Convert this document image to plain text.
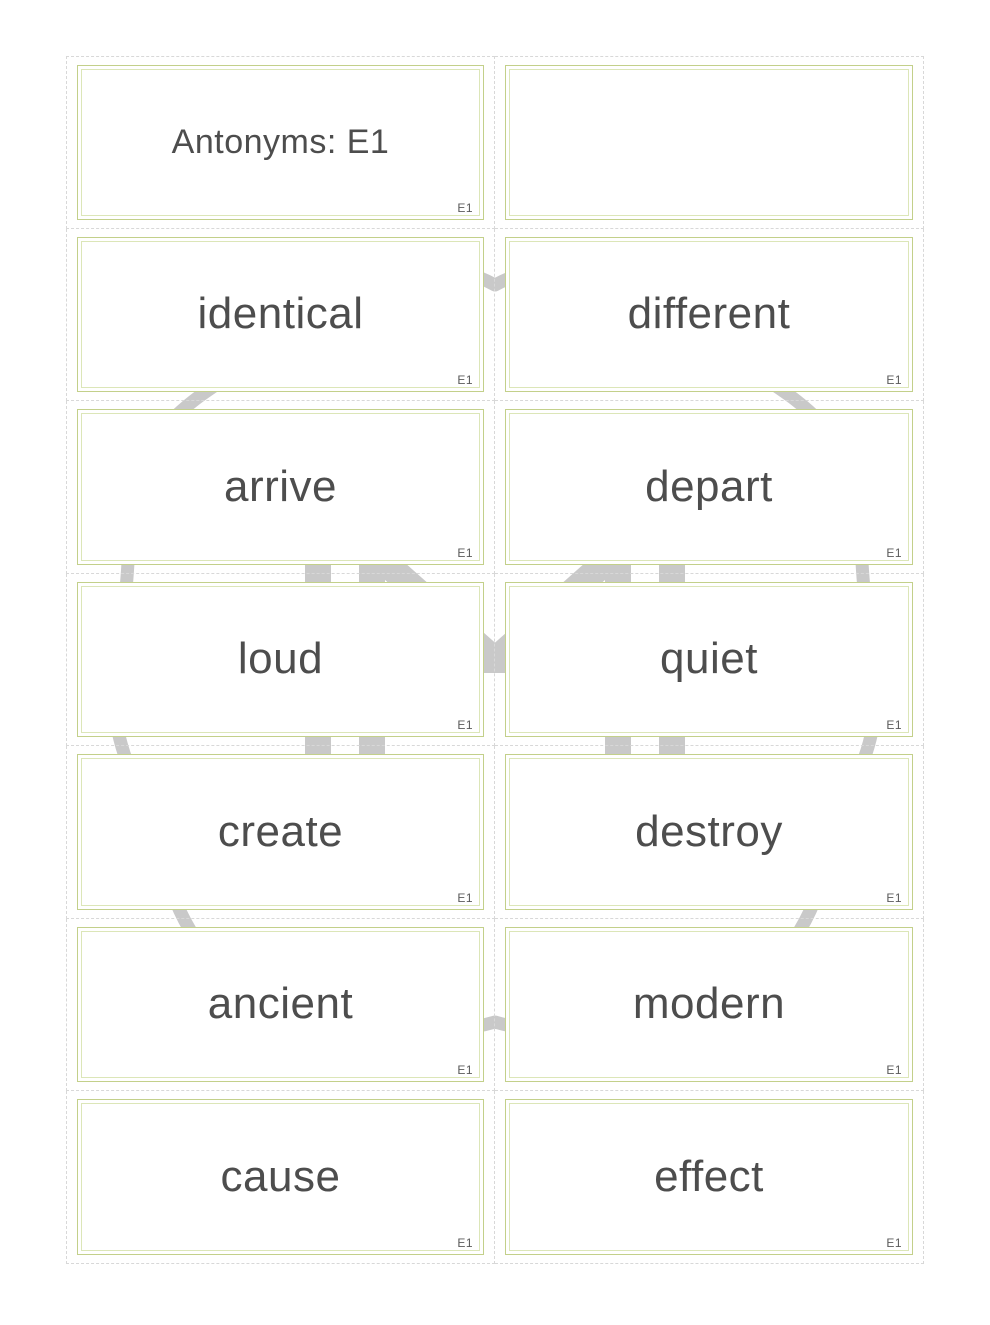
Antonyms: E1
E1
identical
E1
different
E1
arrive
E1
depart
E1
loud
E1
quiet
E1
create
E1
destroy
E1
ancient
E1
modern
E1
cause
E1
effect
E1
